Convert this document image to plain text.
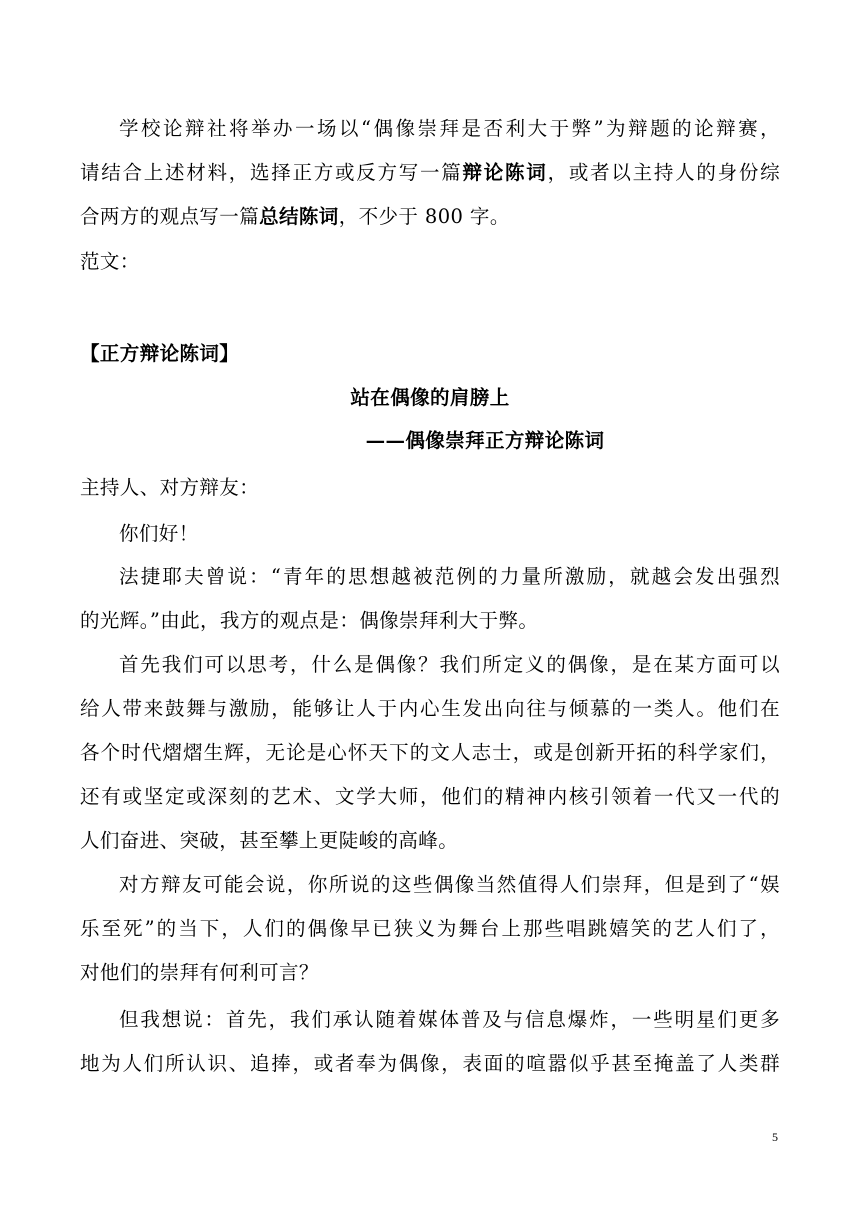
学校论辩社将举办一场以“偶像崇拜是否利大于弊”为辩题的论辩赛，
请结合上述材料，选择正方或反方写一篇辩论陈词，或者以主持人的身份综
合两方的观点写一篇总结陈词，不少于 800 字。
范文：
【正方辩论陈词】
站在偶像的肩膀上
——偶像崇拜正方辩论陈词
主持人、对方辩友：
你们好！
法捷耶夫曾说：“青年的思想越被范例的力量所激励，就越会发出强烈
的光辉。”由此，我方的观点是：偶像崇拜利大于弊。
首先我们可以思考，什么是偶像？我们所定义的偶像，是在某方面可以
给人带来鼓舞与激励，能够让人于内心生发出向往与倾慕的一类人。他们在
各个时代熠熠生辉，无论是心怀天下的文人志士，或是创新开拓的科学家们，
还有或坚定或深刻的艺术、文学大师，他们的精神内核引领着一代又一代的
人们奋进、突破，甚至攀上更陡峻的高峰。
对方辩友可能会说，你所说的这些偶像当然值得人们崇拜，但是到了“娱
乐至死”的当下，人们的偶像早已狭义为舞台上那些唱跳嬉笑的艺人们了，
对他们的崇拜有何利可言？
但我想说：首先，我们承认随着媒体普及与信息爆炸，一些明星们更多
地为人们所认识、追捧，或者奉为偶像，表面的喧嚣似乎甚至掩盖了人类群
5
